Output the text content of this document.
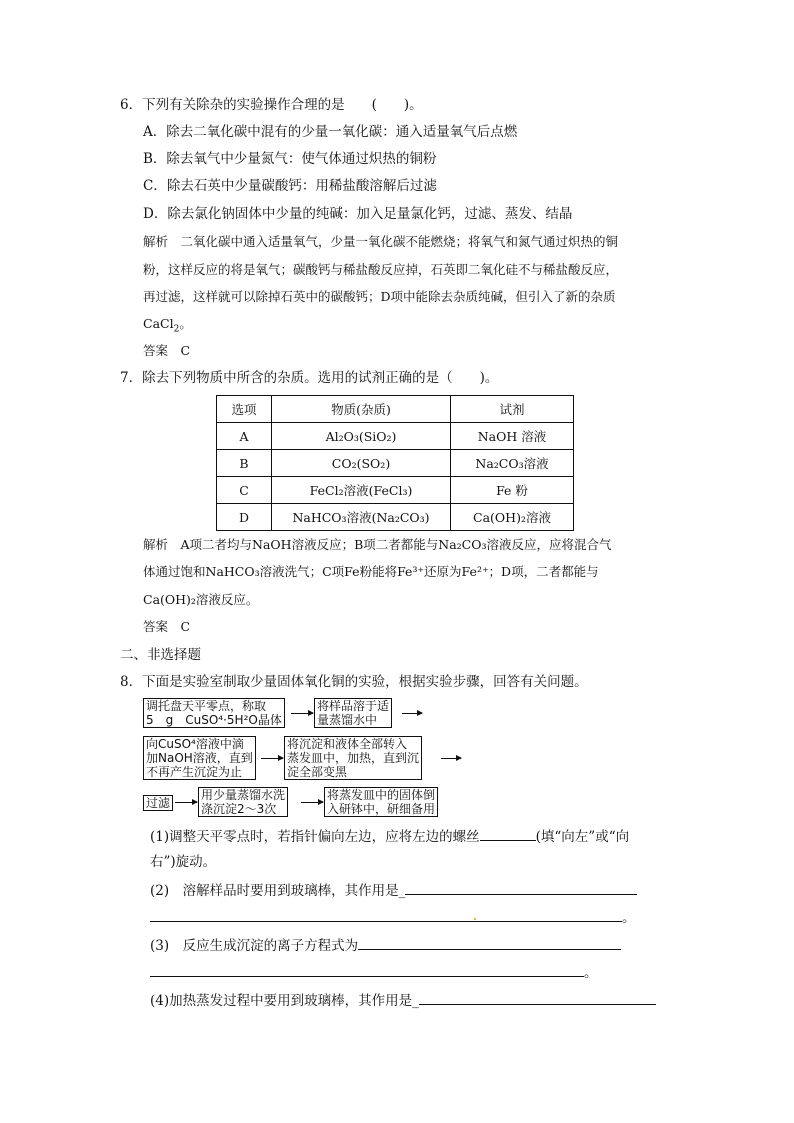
6．下列有关除杂的实验操作合理的是　　(　　)。
A．除去二氧化碳中混有的少量一氧化碳：通入适量氧气后点燃
B．除去氧气中少量氮气：使气体通过炽热的铜粉
C．除去石英中少量碳酸钙：用稀盐酸溶解后过滤
D．除去氯化钠固体中少量的纯碱：加入足量氯化钙，过滤、蒸发、结晶
解析　二氧化碳中通入适量氧气，少量一氧化碳不能燃烧；将氧气和氮气通过炽热的铜
粉，这样反应的将是氧气；碳酸钙与稀盐酸反应掉，石英即二氧化硅不与稀盐酸反应，
再过滤，这样就可以除掉石英中的碳酸钙；D项中能除去杂质纯碱，但引入了新的杂质
CaCl$_2$。
答案　C
7．除去下列物质中所含的杂质。选用的试剂正确的是（　　)。
选项	物质(杂质)	试剂
A	Al₂O₃(SiO₂)	NaOH 溶液
B	CO₂(SO₂)	Na₂CO₃溶液
C	FeCl₂溶液(FeCl₃)	Fe 粉
D	NaHCO₃溶液(Na₂CO₃)	Ca(OH)₂溶液
解析　A项二者均与NaOH溶液反应；B项二者都能与Na₂CO₃溶液反应，应将混合气
体通过饱和NaHCO₃溶液洗气；C项Fe粉能将Fe³⁺还原为Fe²⁺；D项，二者都能与
Ca(OH)₂溶液反应。
答案　C
二、非选择题
8．下面是实验室制取少量固体氧化铜的实验，根据实验步骤，回答有关问题。
调托盘天平零点，称取
5　g　CuSO⁴·5H²O晶体
将样品溶于适
量蒸馏水中
向CuSO⁴溶液中滴
加NaOH溶液，直到
不再产生沉淀为止
将沉淀和液体全部转入
蒸发皿中，加热，直到沉
淀全部变黑
过滤
用少量蒸馏水洗
涤沉淀2～3次
将蒸发皿中的固体倒
入研钵中，研细备用
(1)调整天平零点时，若指针偏向左边，应将左边的螺丝	(填“向左”或“向
右”)旋动。
(2)　溶解样品时要用到玻璃棒，其作用是_
。
(3)　反应生成沉淀的离子方程式为
。
(4)加热蒸发过程中要用到玻璃棒，其作用是_
